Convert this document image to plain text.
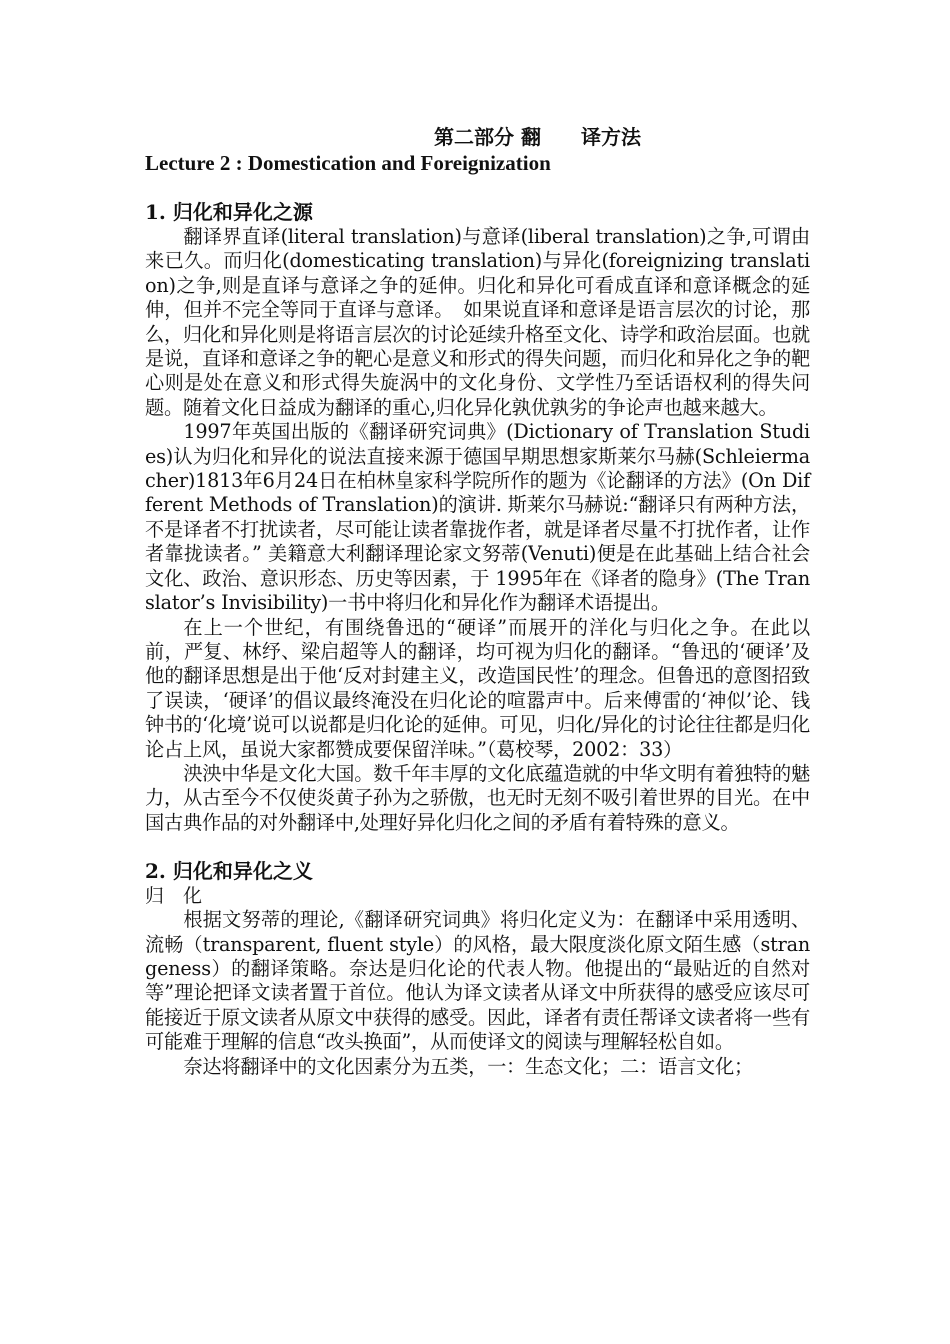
第二部分 翻　　译方法
Lecture 2 : Domestication and Foreignization
1. 归化和异化之源

翻译界直译(literal translation)与意译(liberal translation)之争,可谓由来已久。而归化(domesticating translation)与异化(foreignizing translation)之争,则是直译与意译之争的延伸。归化和异化可看成直译和意译概念的延伸，但并不完全等同于直译与意译。　如果说直译和意译是语言层次的讨论，那么，归化和异化则是将语言层次的讨论延续升格至文化、诗学和政治层面。也就是说，直译和意译之争的靶心是意义和形式的得失问题，而归化和异化之争的靶心则是处在意义和形式得失旋涡中的文化身份、文学性乃至话语权利的得失问题。随着文化日益成为翻译的重心,归化异化孰优孰劣的争论声也越来越大。

1997年英国出版的《翻译研究词典》(Dictionary of Translation Studies)认为归化和异化的说法直接来源于德国早期思想家斯莱尔马赫(Schleiermacher)1813年6月24日在柏林皇家科学院所作的题为《论翻译的方法》(On Different Methods of Translation)的演讲. 斯莱尔马赫说:“翻译只有两种方法，不是译者不打扰读者，尽可能让读者靠拢作者，就是译者尽量不打扰作者，让作者靠拢读者。” 美籍意大利翻译理论家文努蒂(Venuti)便是在此基础上结合社会文化、政治、意识形态、历史等因素，于 1995年在《译者的隐身》(The Translator’s Invisibility)一书中将归化和异化作为翻译术语提出。

在上一个世纪，有围绕鲁迅的“硬译”而展开的洋化与归化之争。在此以前，严复、林纾、梁启超等人的翻译，均可视为归化的翻译。“鲁迅的‘硬译’及他的翻译思想是出于他‘反对封建主义，改造国民性’的理念。但鲁迅的意图招致了误读，‘硬译’的倡议最终淹没在归化论的喧嚣声中。后来傅雷的‘神似’论、钱钟书的‘化境’说可以说都是归化论的延伸。可见，归化/异化的讨论往往都是归化论占上风，虽说大家都赞成要保留洋味。”（葛校琴，2002：33）

泱泱中华是文化大国。数千年丰厚的文化底蕴造就的中华文明有着独特的魅力，从古至今不仅使炎黄子孙为之骄傲，也无时无刻不吸引着世界的目光。在中国古典作品的对外翻译中,处理好异化归化之间的矛盾有着特殊的意义。

2. 归化和异化之义
归　化

根据文努蒂的理论,《翻译研究词典》将归化定义为：在翻译中采用透明、流畅（transparent, fluent style）的风格，最大限度淡化原文陌生感（strangeness）的翻译策略。奈达是归化论的代表人物。他提出的“最贴近的自然对等”理论把译文读者置于首位。他认为译文读者从译文中所获得的感受应该尽可能接近于原文读者从原文中获得的感受。因此，译者有责任帮译文读者将一些有可能难于理解的信息“改头换面”，从而使译文的阅读与理解轻松自如。

奈达将翻译中的文化因素分为五类，一：生态文化；二：语言文化；
